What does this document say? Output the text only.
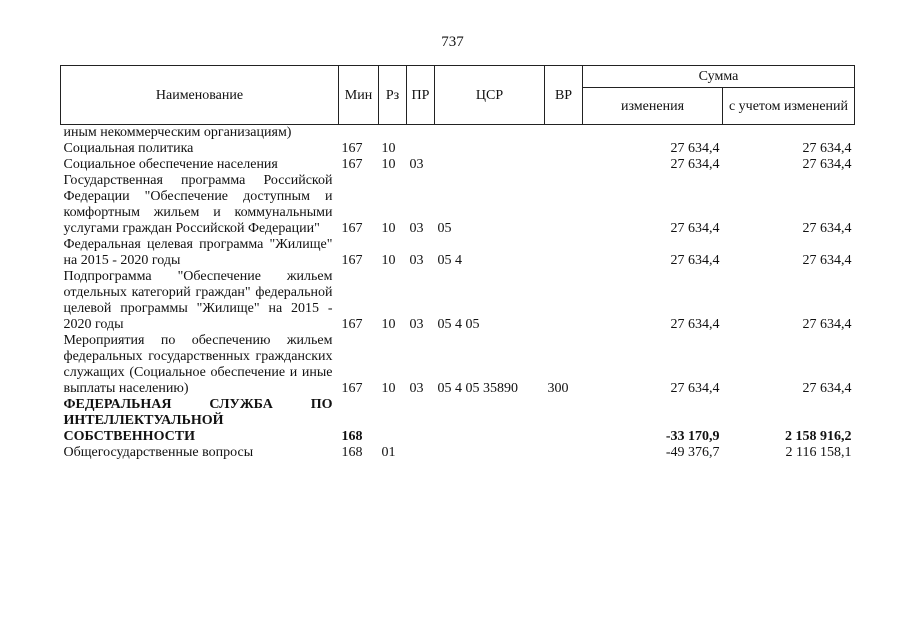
737
Наименование	Мин	Рз	ПР	ЦСР	ВР	Сумма	
						изменения	с учетом изменений
иным некоммерческим организациям)							
Социальная политика	167	10				27 634,4	27 634,4
Социальное обеспечение населения	167	10	03			27 634,4	27 634,4
Государственная программа Российской Федерации "Обеспечение доступным и комфортным жильем и коммунальными услугами граждан Российской Федерации"	167	10	03	05		27 634,4	27 634,4
Федеральная целевая программа "Жилище" на 2015 - 2020 годы	167	10	03	05 4		27 634,4	27 634,4
Подпрограмма "Обеспечение жильем отдельных категорий граждан" федеральной целевой программы "Жилище" на 2015 - 2020 годы	167	10	03	05 4 05		27 634,4	27 634,4
Мероприятия по обеспечению жильем федеральных государственных гражданских служащих (Социальное обеспечение и иные выплаты населению)	167	10	03	05 4 05 35890	300	27 634,4	27 634,4
ФЕДЕРАЛЬНАЯ СЛУЖБА ПО ИНТЕЛЛЕКТУАЛЬНОЙ СОБСТВЕННОСТИ	168					-33 170,9	2 158 916,2
Общегосударственные вопросы	168	01				-49 376,7	2 116 158,1
